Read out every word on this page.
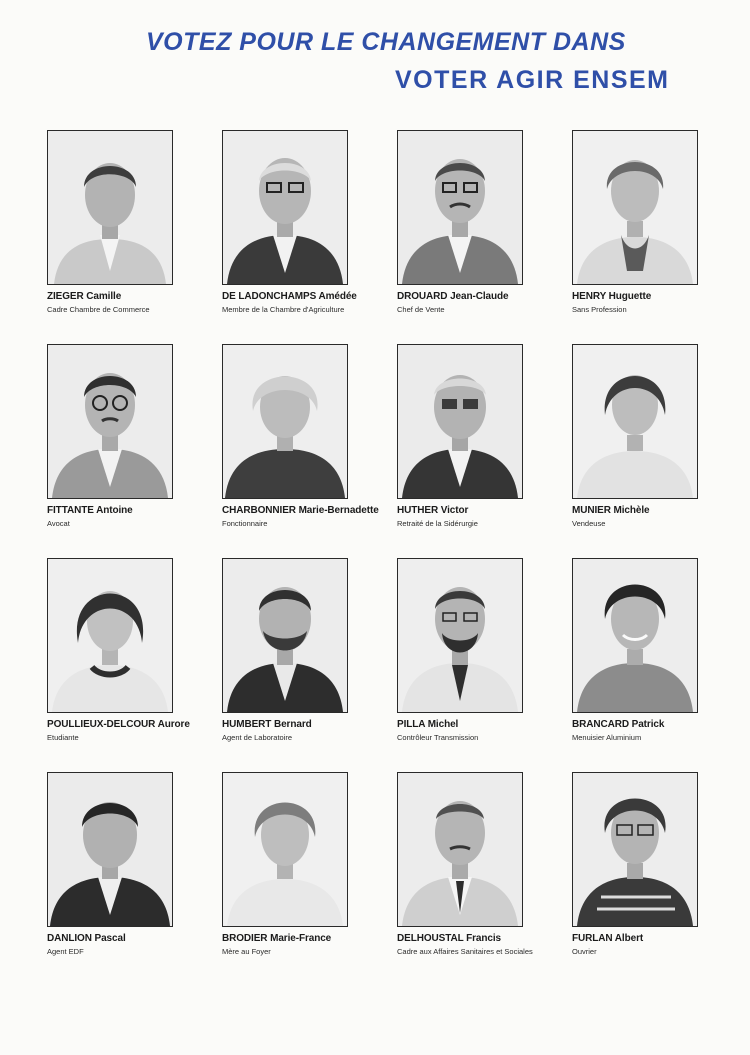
VOTEZ POUR LE CHANGEMENT DANS
VOTER AGIR ENSEM
ZIEGER Camille
Cadre Chambre de Commerce
DE LADONCHAMPS Amédée
Membre de la Chambre d'Agriculture
DROUARD Jean-Claude
Chef de Vente
HENRY Huguette
Sans Profession
FITTANTE Antoine
Avocat
CHARBONNIER Marie-Bernadette
Fonctionnaire
HUTHER Victor
Retraité de la Sidérurgie
MUNIER Michèle
Vendeuse
POULLIEUX-DELCOUR Aurore
Etudiante
HUMBERT Bernard
Agent de Laboratoire
PILLA Michel
Contrôleur Transmission
BRANCARD Patrick
Menuisier Aluminium
DANLION Pascal
Agent EDF
BRODIER Marie-France
Mère au Foyer
DELHOUSTAL Francis
Cadre aux Affaires Sanitaires et Sociales
FURLAN Albert
Ouvrier
